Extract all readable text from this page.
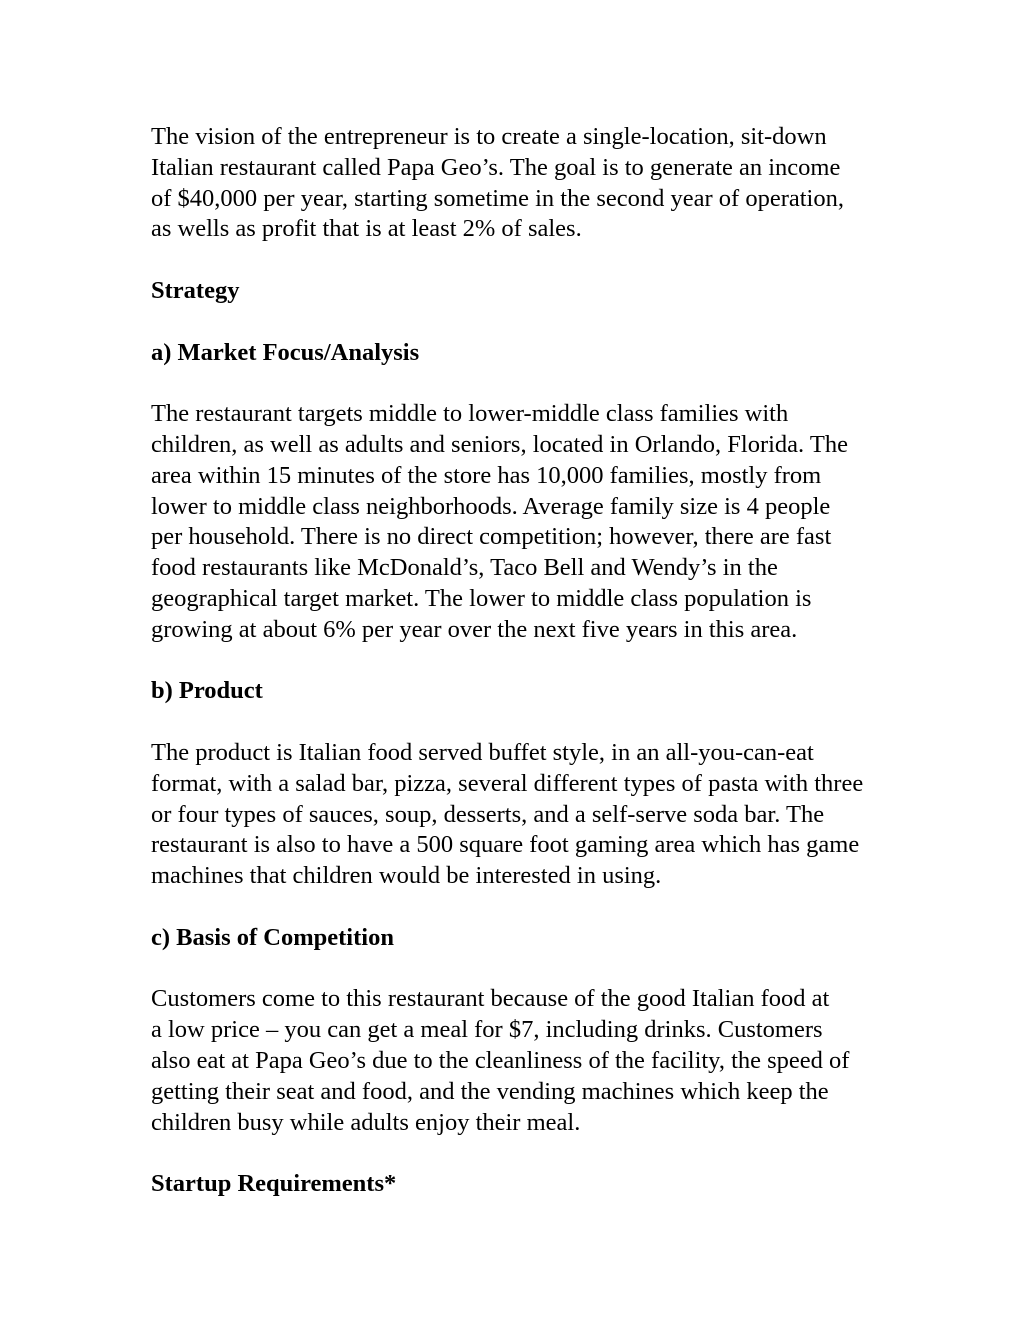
The vision of the entrepreneur is to create a single-location, sit-down
Italian restaurant called Papa Geo’s. The goal is to generate an income
of $40,000 per year, starting sometime in the second year of operation,
as wells as profit that is at least 2% of sales.

Strategy

a) Market Focus/Analysis

The restaurant targets middle to lower-middle class families with
children, as well as adults and seniors, located in Orlando, Florida. The
area within 15 minutes of the store has 10,000 families, mostly from
lower to middle class neighborhoods. Average family size is 4 people
per household. There is no direct competition; however, there are fast
food restaurants like McDonald’s, Taco Bell and Wendy’s in the
geographical target market. The lower to middle class population is
growing at about 6% per year over the next five years in this area.

b) Product

The product is Italian food served buffet style, in an all-you-can-eat
format, with a salad bar, pizza, several different types of pasta with three
or four types of sauces, soup, desserts, and a self-serve soda bar. The
restaurant is also to have a 500 square foot gaming area which has game
machines that children would be interested in using.

c) Basis of Competition

Customers come to this restaurant because of the good Italian food at
a low price – you can get a meal for $7, including drinks. Customers
also eat at Papa Geo’s due to the cleanliness of the facility, the speed of
getting their seat and food, and the vending machines which keep the
children busy while adults enjoy their meal.

Startup Requirements*
